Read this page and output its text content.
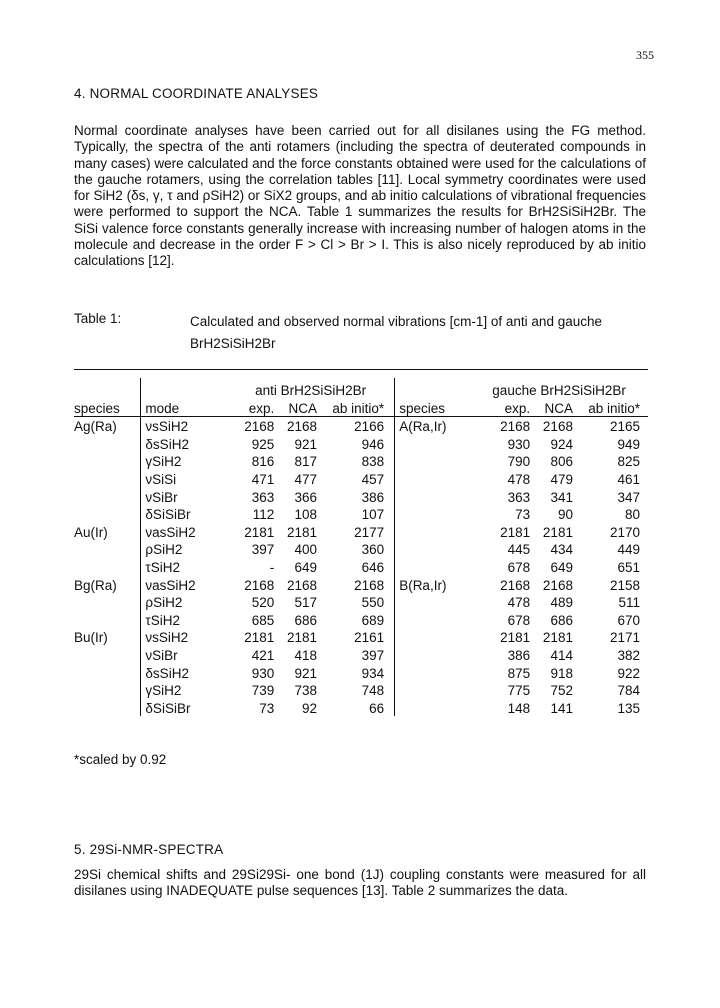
355
4. NORMAL COORDINATE ANALYSES
Normal coordinate analyses have been carried out for all disilanes using the FG method. Typically, the spectra of the anti rotamers (including the spectra of deuterated compounds in many cases) were calculated and the force constants obtained were used for the calculations of the gauche rotamers, using the correlation tables [11]. Local symmetry coordinates were used for SiH2 (δs, γ, τ and ρSiH2) or SiX2 groups, and ab initio calculations of vibrational frequencies were performed to support the NCA. Table 1 summarizes the results for BrH2SiSiH2Br. The SiSi valence force constants generally increase with increasing number of halogen atoms in the molecule and decrease in the order F > Cl > Br > I. This is also nicely reproduced by ab initio calculations [12].
Table 1:	Calculated and observed normal vibrations [cm-1] of anti and gauche BrH2SiSiH2Br

		anti BrH2SiSiH2Br				gauche BrH2SiSiH2Br		
species	mode	exp.	NCA	ab initio*	species	exp.	NCA	ab initio*
Ag(Ra)	νsSiH2	2168	2168	2166	A(Ra,Ir)	2168	2168	2165
	δsSiH2	925	921	946		930	924	949
	γSiH2	816	817	838		790	806	825
	νSiSi	471	477	457		478	479	461
	νSiBr	363	366	386		363	341	347
	δSiSiBr	112	108	107		73	90	80
Au(Ir)	νasSiH2	2181	2181	2177		2181	2181	2170
	ρSiH2	397	400	360		445	434	449
	τSiH2	-	649	646		678	649	651
Bg(Ra)	νasSiH2	2168	2168	2168	B(Ra,Ir)	2168	2168	2158
	ρSiH2	520	517	550		478	489	511
	τSiH2	685	686	689		678	686	670
Bu(Ir)	νsSiH2	2181	2181	2161		2181	2181	2171
	νSiBr	421	418	397		386	414	382
	δsSiH2	930	921	934		875	918	922
	γSiH2	739	738	748		775	752	784
	δSiSiBr	73	92	66		148	141	135
*scaled by 0.92
5. 29Si-NMR-SPECTRA
29Si chemical shifts and 29Si29Si- one bond (1J) coupling constants were measured for all disilanes using INADEQUATE pulse sequences [13]. Table 2 summarizes the data.
